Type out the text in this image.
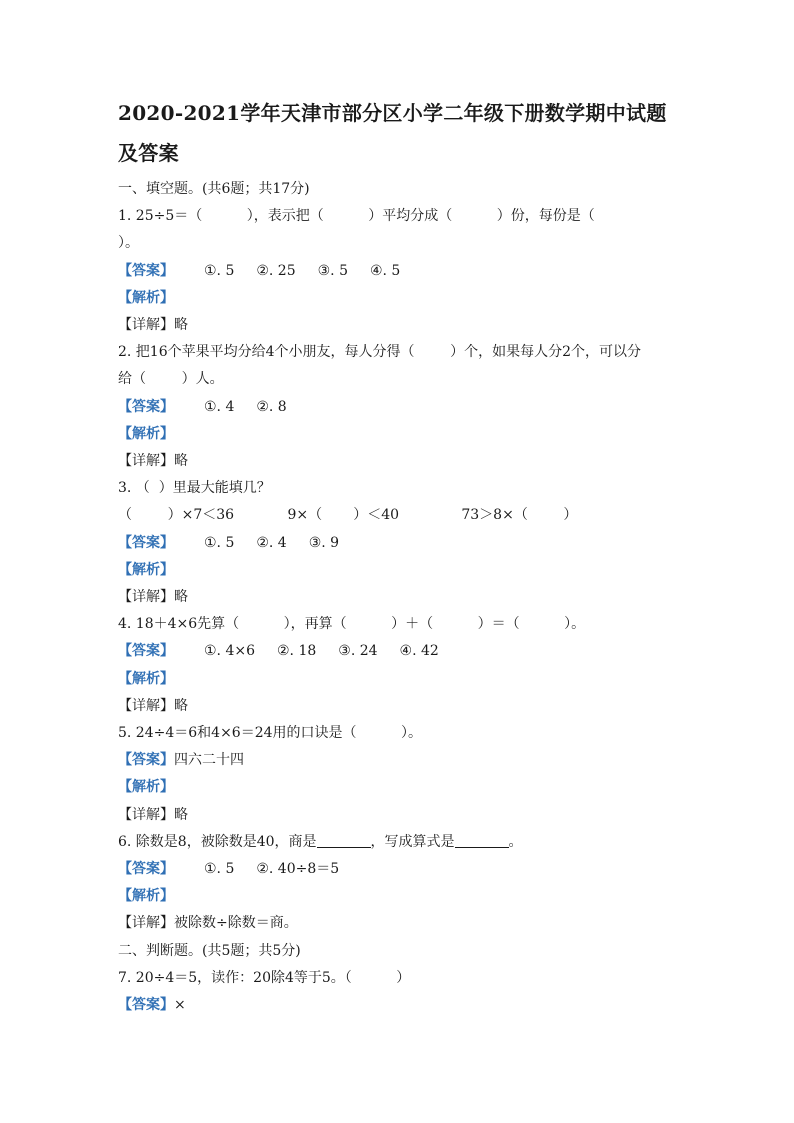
2020-2021学年天津市部分区小学二年级下册数学期中试题
及答案
一、填空题。(共6题；共17分)
1. 25÷5＝（          ），表示把（          ）平均分成（          ）份，每份是（
）。
【答案】 ①. 5 ②. 25 ③. 5 ④. 5
【解析】
【详解】略
2. 把16个苹果平均分给4个小朋友，每人分得（        ）个，如果每人分2个，可以分
给（        ）人。
【答案】 ①. 4 ②. 8
【解析】
【详解】略
3. （  ）里最大能填几？
（        ）×7＜36            9×（       ）＜40              73＞8×（        ）
【答案】 ①. 5 ②. 4 ③. 9
【解析】
【详解】略
4. 18＋4×6先算（          ），再算（          ）＋（          ）＝（          ）。
【答案】 ①. 4×6 ②. 18 ③. 24 ④. 42
【解析】
【详解】略
5. 24÷4＝6和4×6＝24用的口诀是（          ）。
【答案】四六二十四
【解析】
【详解】略
6. 除数是8，被除数是40，商是	，写成算式是	。
【答案】 ①. 5 ②. 40÷8＝5
【解析】
【详解】被除数÷除数＝商。
二、判断题。(共5题；共5分)
7. 20÷4＝5，读作：20除4等于5。（          ）
【答案】×
